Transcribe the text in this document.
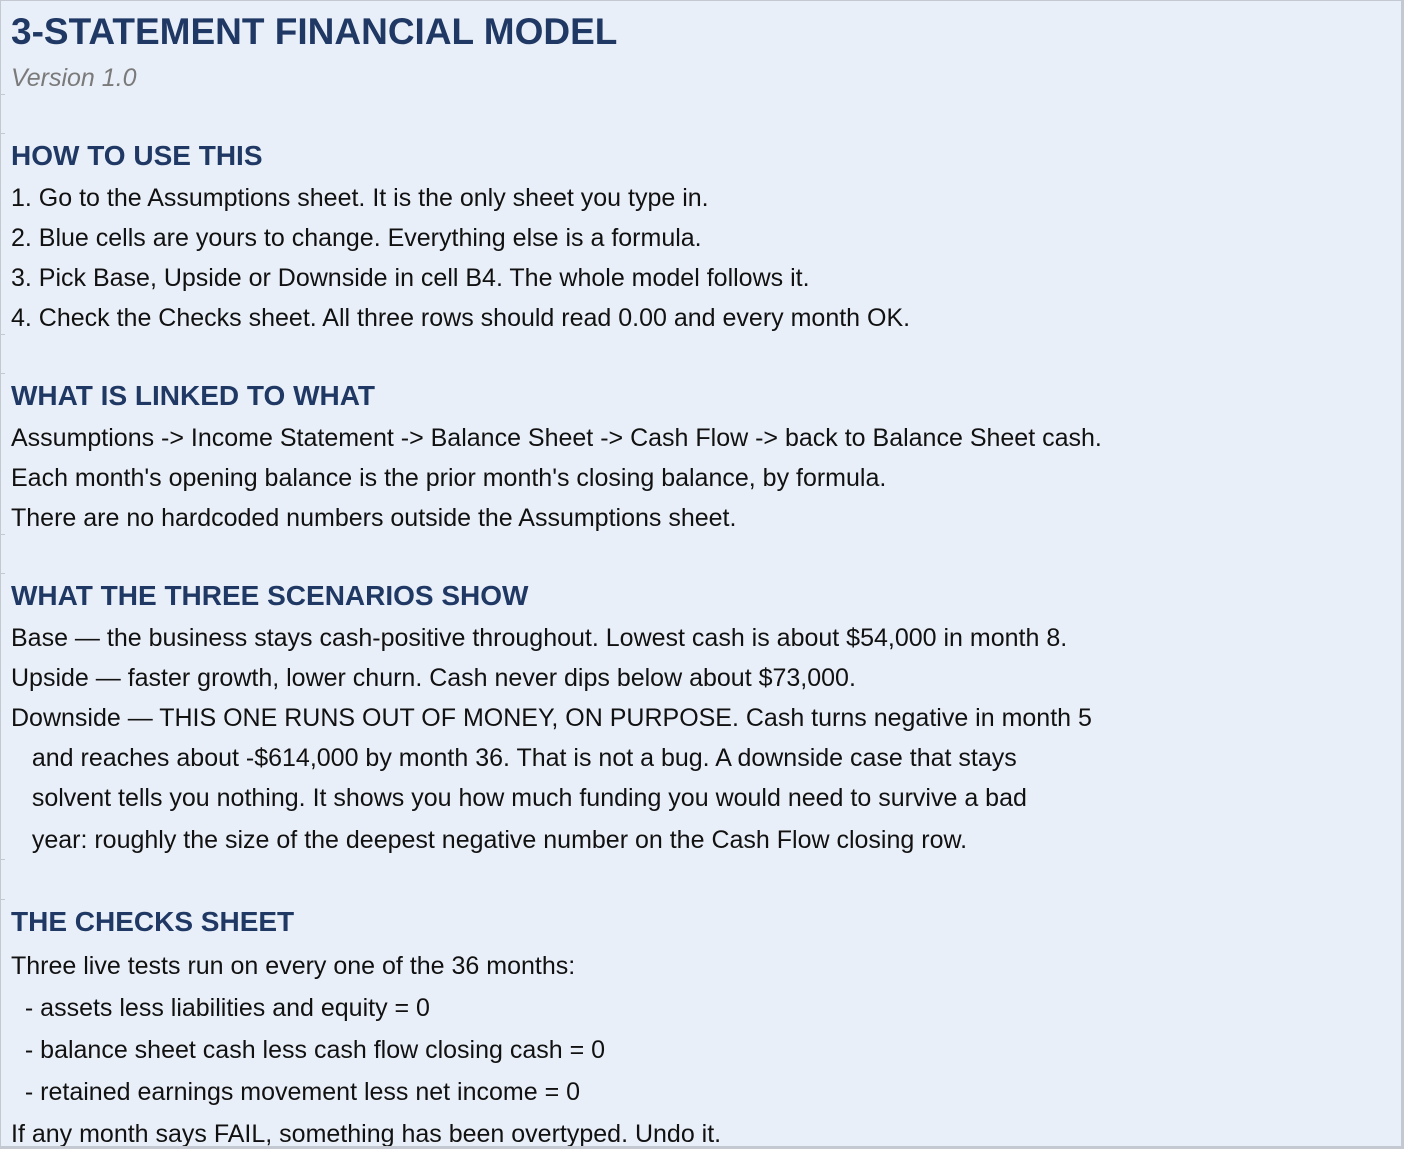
3-STATEMENT FINANCIAL MODEL
Version 1.0
HOW TO USE THIS
1. Go to the Assumptions sheet. It is the only sheet you type in.
2. Blue cells are yours to change. Everything else is a formula.
3. Pick Base, Upside or Downside in cell B4. The whole model follows it.
4. Check the Checks sheet. All three rows should read 0.00 and every month OK.
WHAT IS LINKED TO WHAT
Assumptions -> Income Statement -> Balance Sheet -> Cash Flow -> back to Balance Sheet cash.
Each month's opening balance is the prior month's closing balance, by formula.
There are no hardcoded numbers outside the Assumptions sheet.
WHAT THE THREE SCENARIOS SHOW
Base — the business stays cash-positive throughout. Lowest cash is about $54,000 in month 8.
Upside — faster growth, lower churn. Cash never dips below about $73,000.
Downside — THIS ONE RUNS OUT OF MONEY, ON PURPOSE. Cash turns negative in month 5
and reaches about -$614,000 by month 36. That is not a bug. A downside case that stays
solvent tells you nothing. It shows you how much funding you would need to survive a bad
year: roughly the size of the deepest negative number on the Cash Flow closing row.
THE CHECKS SHEET
Three live tests run on every one of the 36 months:
- assets less liabilities and equity = 0
- balance sheet cash less cash flow closing cash = 0
- retained earnings movement less net income = 0
If any month says FAIL, something has been overtyped. Undo it.
